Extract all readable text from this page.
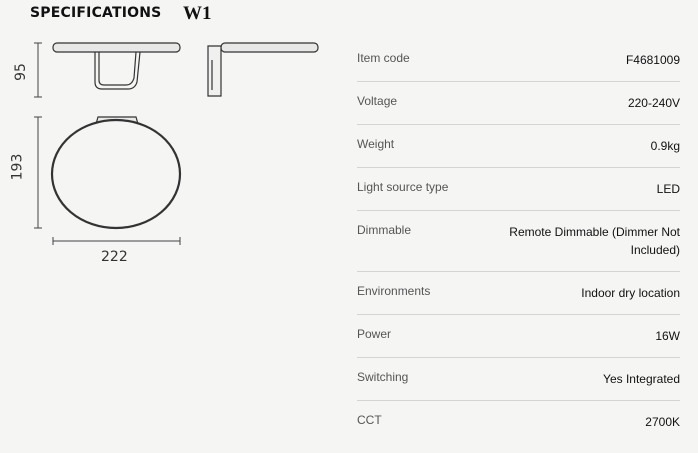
SPECIFICATIONS W1
95
193
222
Item code	F4681009
Voltage	220-240V
Weight	0.9kg
Light source type	LED
Dimmable	Remote Dimmable (Dimmer Not Included)
Environments	Indoor dry location
Power	16W
Switching	Yes Integrated
CCT	2700K
